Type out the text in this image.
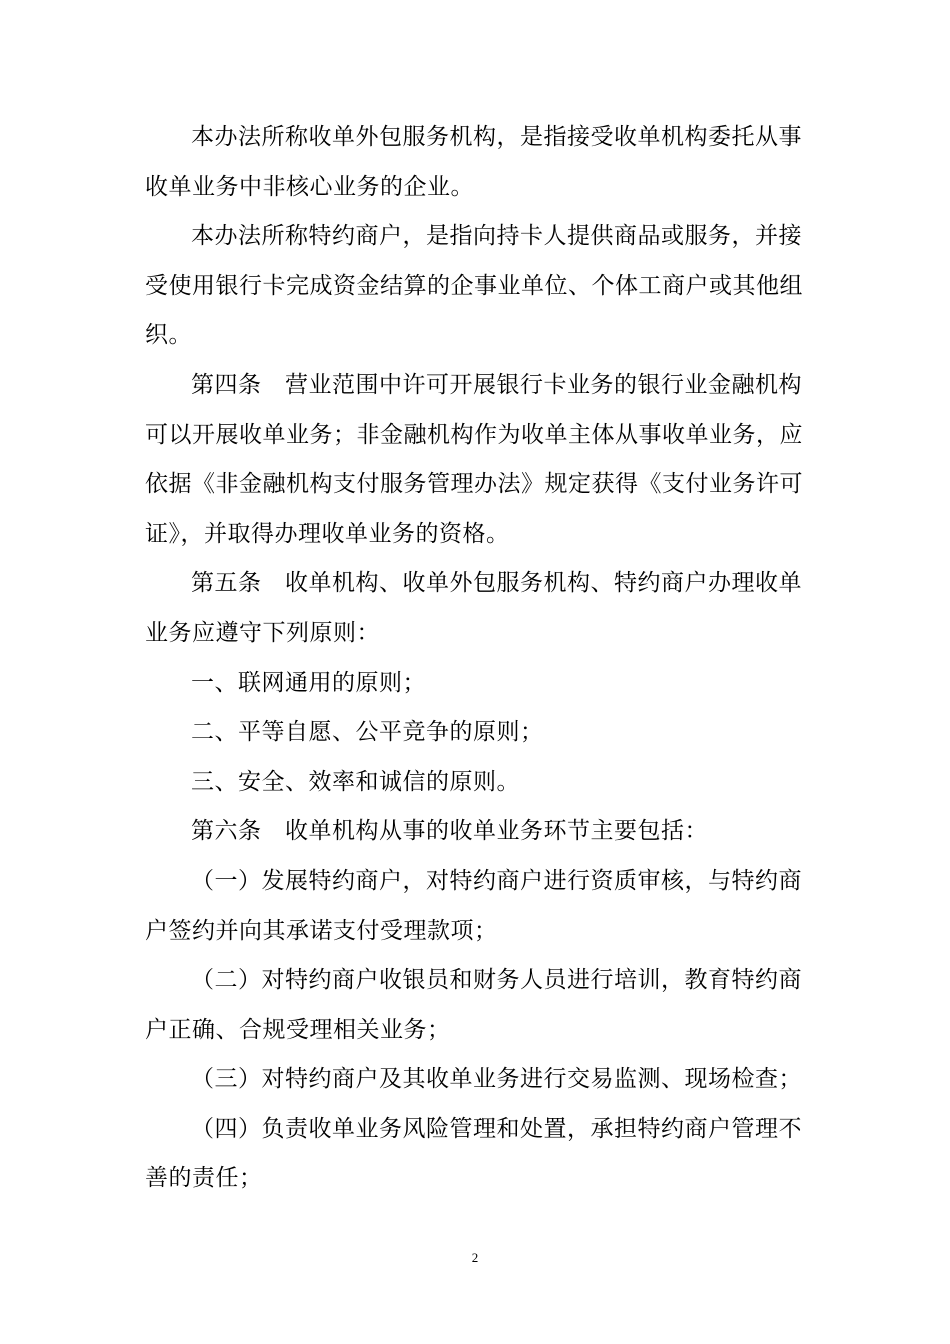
本办法所称收单外包服务机构，是指接受收单机构委托从事收单业务中非核心业务的企业。

本办法所称特约商户，是指向持卡人提供商品或服务，并接受使用银行卡完成资金结算的企事业单位、个体工商户或其他组织。

第四条　营业范围中许可开展银行卡业务的银行业金融机构可以开展收单业务；非金融机构作为收单主体从事收单业务，应依据《非金融机构支付服务管理办法》规定获得《支付业务许可证》，并取得办理收单业务的资格。

第五条　收单机构、收单外包服务机构、特约商户办理收单业务应遵守下列原则：

一、联网通用的原则；

二、平等自愿、公平竞争的原则；

三、安全、效率和诚信的原则。

第六条　收单机构从事的收单业务环节主要包括：

（一）发展特约商户，对特约商户进行资质审核，与特约商户签约并向其承诺支付受理款项；

（二）对特约商户收银员和财务人员进行培训，教育特约商户正确、合规受理相关业务；

（三）对特约商户及其收单业务进行交易监测、现场检查；

（四）负责收单业务风险管理和处置，承担特约商户管理不善的责任；

2
